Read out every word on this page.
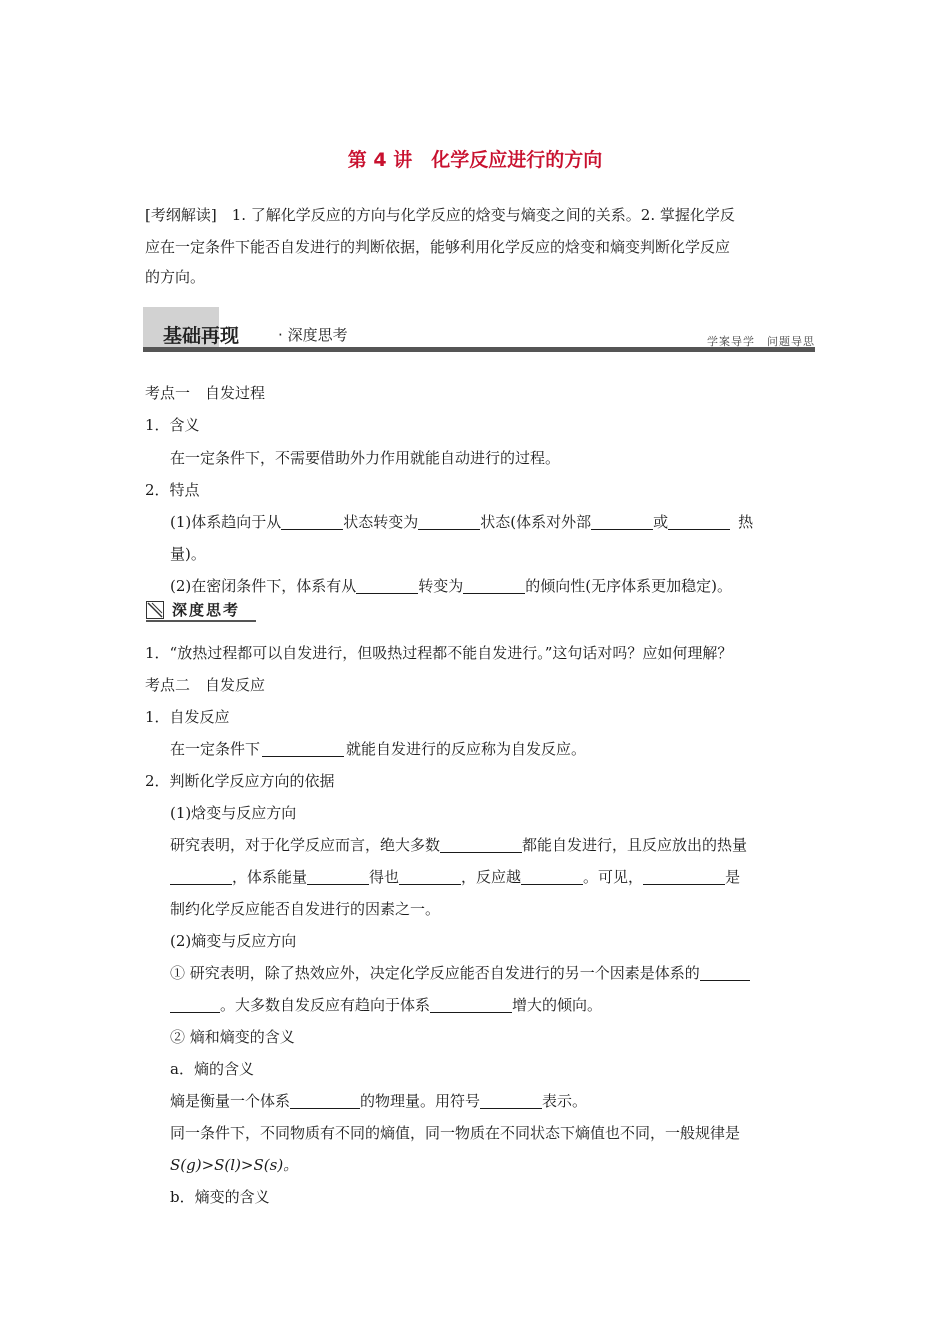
第 4 讲　化学反应进行的方向
[考纲解读]　1. 了解化学反应的方向与化学反应的焓变与熵变之间的关系。2. 掌握化学反
应在一定条件下能否自发进行的判断依据，能够利用化学反应的焓变和熵变判断化学反应
的方向。
基础再现	· 深度思考	学案导学　问题导思
考点一　自发过程
1．含义
在一定条件下，不需要借助外力作用就能自动进行的过程。
2．特点
(1)体系趋向于从	状态转变为	状态(体系对外部	或	热
量)。
(2)在密闭条件下，体系有从	转变为	的倾向性(无序体系更加稳定)。
深度思考
1．“放热过程都可以自发进行，但吸热过程都不能自发进行。”这句话对吗？应如何理解？
考点二　自发反应
1．自发反应
在一定条件下	就能自发进行的反应称为自发反应。
2．判断化学反应方向的依据
(1)焓变与反应方向
研究表明，对于化学反应而言，绝大多数	都能自发进行，且反应放出的热量
，体系能量	得也	，反应越	。可见，	是
制约化学反应能否自发进行的因素之一。
(2)熵变与反应方向
① 研究表明，除了热效应外，决定化学反应能否自发进行的另一个因素是体系的
。大多数自发反应有趋向于体系	增大的倾向。
② 熵和熵变的含义
a．熵的含义
熵是衡量一个体系	的物理量。用符号	表示。
同一条件下，不同物质有不同的熵值，同一物质在不同状态下熵值也不同，一般规律是
S(g)>S(l)>S(s)。
b．熵变的含义
